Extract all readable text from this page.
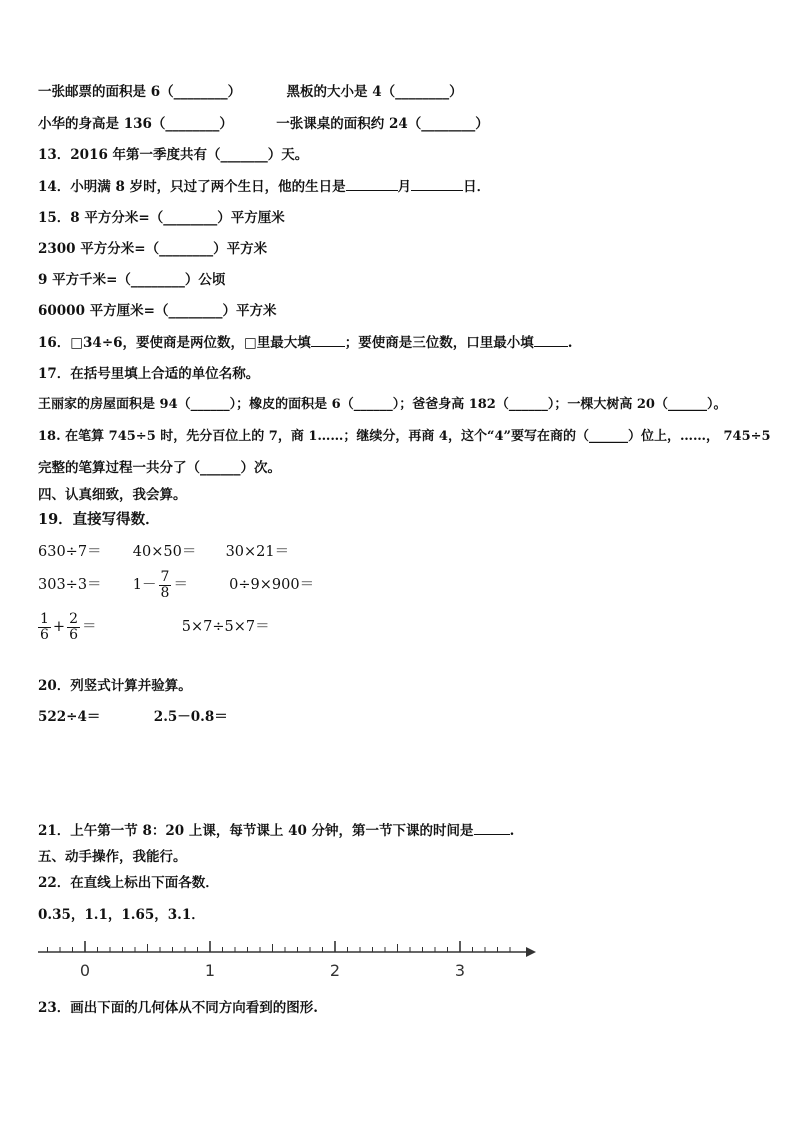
一张邮票的面积是 6（________）	黑板的大小是 4（________）
小华的身高是 136（________）	一张课桌的面积约 24（________）
13．2016 年第一季度共有（_______）天。
14．小明满 8 岁时，只过了两个生日，他的生日是	月	日．
15．8 平方分米=（________）平方厘米
2300 平方分米=（________）平方米
9 平方千米=（________）公顷
60000 平方厘米=（________）平方米
16．□34÷6，要使商是两位数，□里最大填	；要使商是三位数，口里最小填	.
17．在括号里填上合适的单位名称。
王丽家的房屋面积是 94（______）；橡皮的面积是 6（______）；爸爸身高 182（______）；一棵大树高 20（______）。
18. 在笔算 745÷5 时，先分百位上的 7，商 1……；继续分，再商 4，这个“4”要写在商的（______）位上，……， 745÷5
完整的笔算过程一共分了（______）次。
四、认真细致，我会算。
19．直接写得数．
630÷7＝ 40×50＝ 30×21＝
$303\div 3= 1- \frac{7}{8}$ ＝	0÷9×900＝
$\frac{1}{6} + \frac{2}{6}$ ＝	5×7÷5×7＝
20．列竖式计算并验算。
522÷4＝	2.5－0.8＝
21．上午第一节 8：20 上课，每节课上 40 分钟，第一节下课的时间是	.
五、动手操作，我能行。
22．在直线上标出下面各数．
0.35，1.1，1.65，3.1．
0	1	2	3
23．画出下面的几何体从不同方向看到的图形.
